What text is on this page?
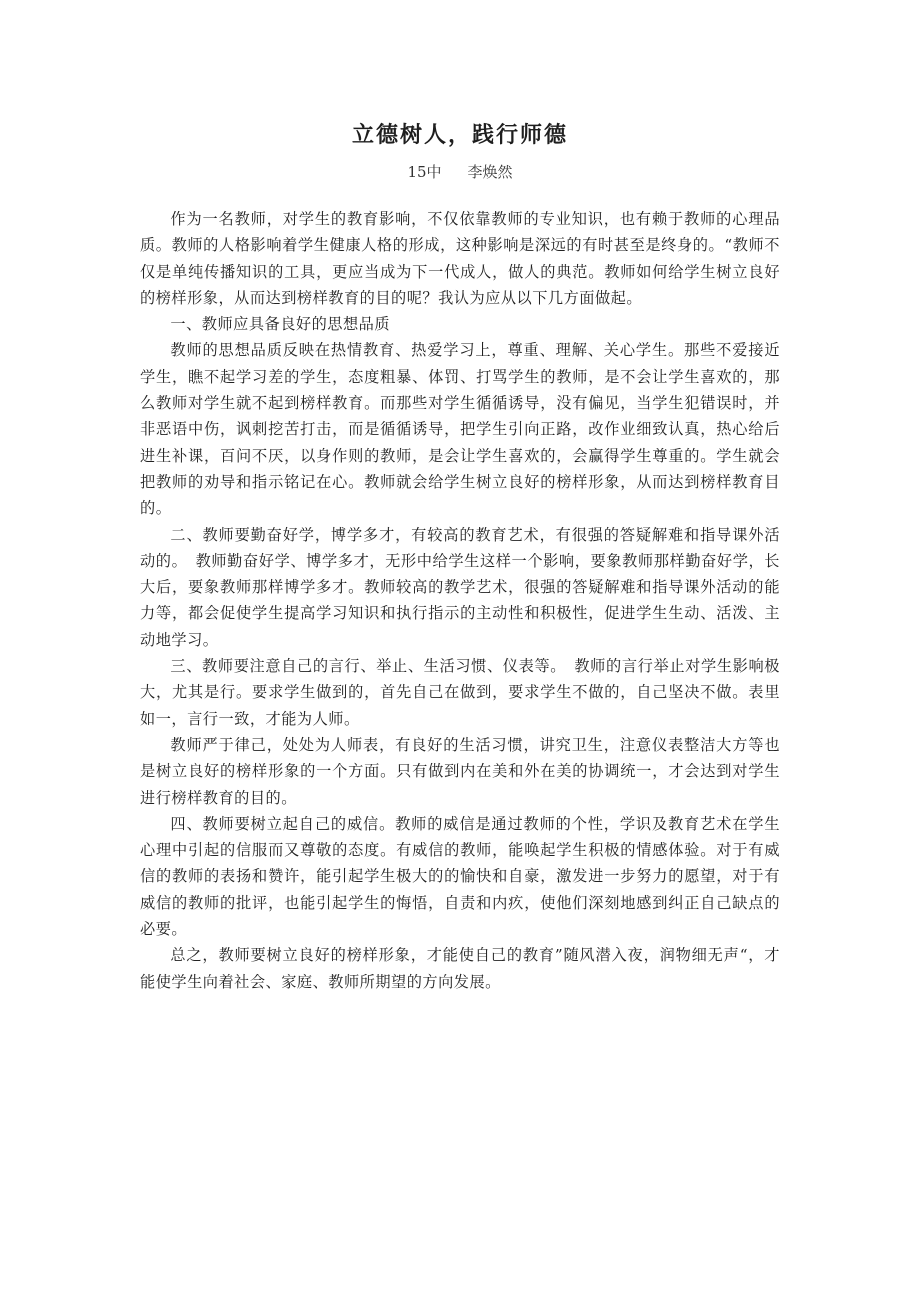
立德树人，践行师德
15中 李焕然

作为一名教师，对学生的教育影响，不仅依靠教师的专业知识，也有赖于教师的心理品质。教师的人格影响着学生健康人格的形成，这种影响是深远的有时甚至是终身的。“教师不仅是单纯传播知识的工具，更应当成为下一代成人，做人的典范。教师如何给学生树立良好的榜样形象，从而达到榜样教育的目的呢？我认为应从以下几方面做起。

一、教师应具备良好的思想品质

教师的思想品质反映在热情教育、热爱学习上，尊重、理解、关心学生。那些不爱接近学生，瞧不起学习差的学生，态度粗暴、体罚、打骂学生的教师，是不会让学生喜欢的，那么教师对学生就不起到榜样教育。而那些对学生循循诱导，没有偏见，当学生犯错误时，并非恶语中伤，讽刺挖苦打击，而是循循诱导，把学生引向正路，改作业细致认真，热心给后进生补课，百问不厌，以身作则的教师，是会让学生喜欢的，会赢得学生尊重的。学生就会把教师的劝导和指示铭记在心。教师就会给学生树立良好的榜样形象，从而达到榜样教育目的。

二、教师要勤奋好学，博学多才，有较高的教育艺术，有很强的答疑解难和指导课外活动的。　教师勤奋好学、博学多才，无形中给学生这样一个影响，要象教师那样勤奋好学，长大后，要象教师那样博学多才。教师较高的教学艺术，很强的答疑解难和指导课外活动的能力等，都会促使学生提高学习知识和执行指示的主动性和积极性，促进学生生动、活泼、主动地学习。

三、教师要注意自己的言行、举止、生活习惯、仪表等。　教师的言行举止对学生影响极大，尤其是行。要求学生做到的，首先自己在做到，要求学生不做的，自己坚决不做。表里如一，言行一致，才能为人师。

教师严于律己，处处为人师表，有良好的生活习惯，讲究卫生，注意仪表整洁大方等也是树立良好的榜样形象的一个方面。只有做到内在美和外在美的协调统一，才会达到对学生进行榜样教育的目的。

四、教师要树立起自己的威信。教师的威信是通过教师的个性，学识及教育艺术在学生心理中引起的信服而又尊敬的态度。有威信的教师，能唤起学生积极的情感体验。对于有威信的教师的表扬和赞许，能引起学生极大的的愉快和自豪，激发进一步努力的愿望，对于有威信的教师的批评，也能引起学生的悔悟，自责和内疚，使他们深刻地感到纠正自己缺点的必要。

总之，教师要树立良好的榜样形象，才能使自己的教育”随风潜入夜，润物细无声“，才能使学生向着社会、家庭、教师所期望的方向发展。
